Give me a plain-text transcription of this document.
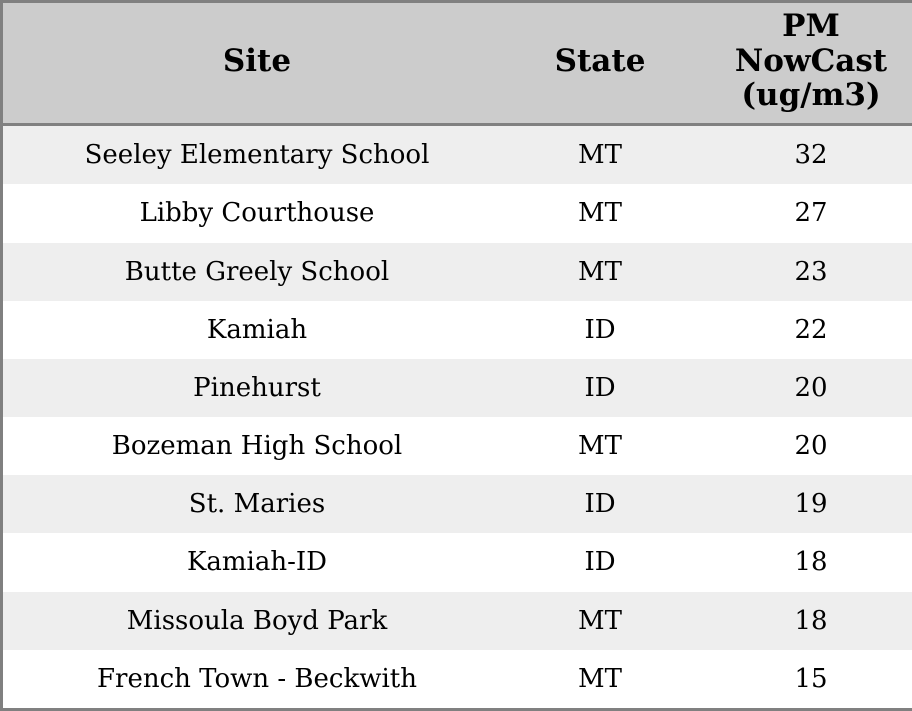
Site	State	PM
NowCast
(ug/m3)

Seeley Elementary School	MT	32
Libby Courthouse	MT	27
Butte Greely School	MT	23
Kamiah	ID	22
Pinehurst	ID	20
Bozeman High School	MT	20
St. Maries	ID	19
Kamiah-ID	ID	18
Missoula Boyd Park	MT	18
French Town - Beckwith	MT	15
